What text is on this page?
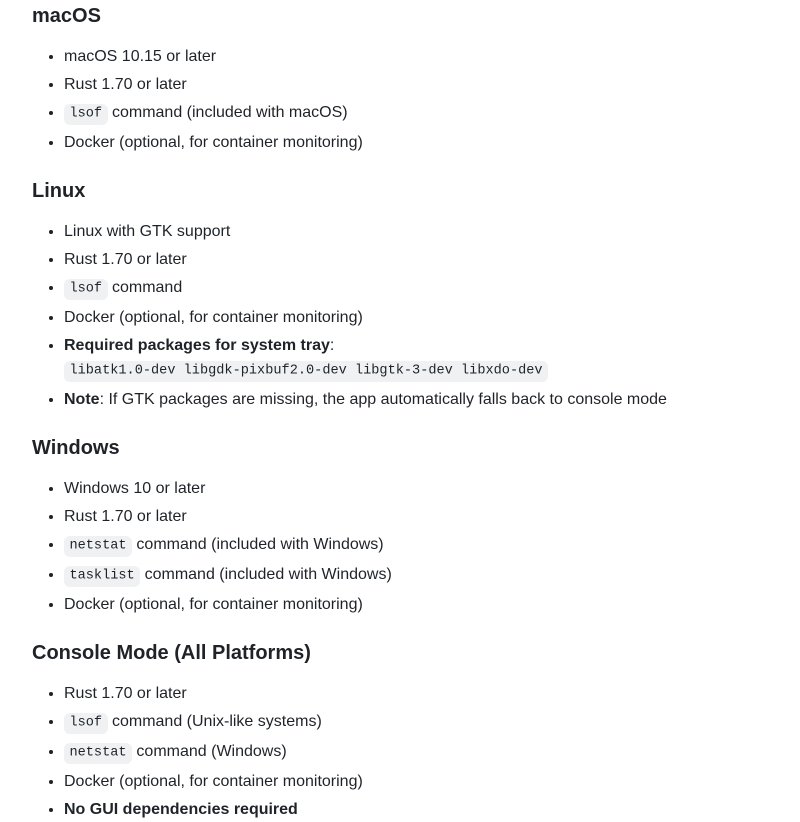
macOS
• macOS 10.15 or later
• Rust 1.70 or later
• lsof command (included with macOS)
• Docker (optional, for container monitoring)
Linux
• Linux with GTK support
• Rust 1.70 or later
• lsof command
• Docker (optional, for container monitoring)
• Required packages for system tray: libatk1.0-dev libgdk-pixbuf2.0-dev libgtk-3-dev libxdo-dev
• Note: If GTK packages are missing, the app automatically falls back to console mode
Windows
• Windows 10 or later
• Rust 1.70 or later
• netstat command (included with Windows)
• tasklist command (included with Windows)
• Docker (optional, for container monitoring)
Console Mode (All Platforms)
• Rust 1.70 or later
• lsof command (Unix-like systems)
• netstat command (Windows)
• Docker (optional, for container monitoring)
• No GUI dependencies required
